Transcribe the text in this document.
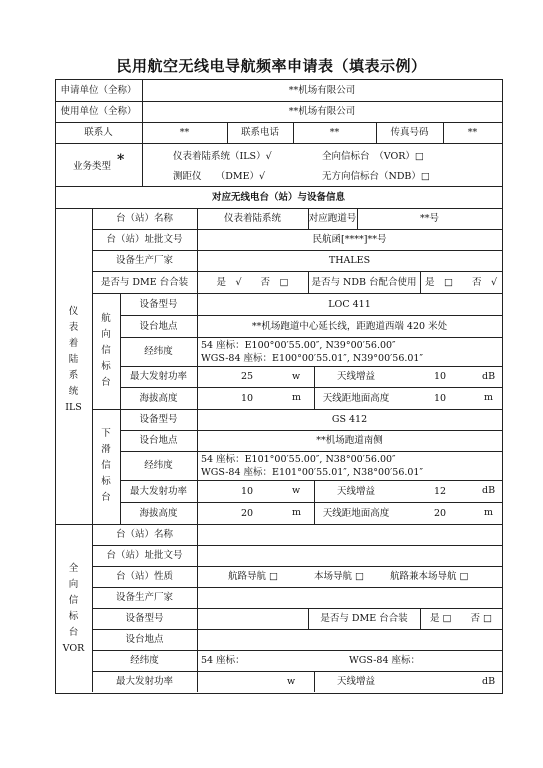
民用航空无线电导航频率申请表（填表示例）
申请单位（全称）	**机场有限公司
使用单位（全称）	**机场有限公司
联系人	**	联系电话	**	传真号码	**
业务类型 *	仪表着陆系统（ILS）√	全向信标台　（VOR）□
测距仪　　（DME）√	无方向信标台（NDB）□
对应无线电台（站）与设备信息
仪
表
着
陆
系
统
ILS
台（站）名称	仪表着陆系统	对应跑道号	**号
台（站）址批文号	民航函[****]**号
设备生产厂家	THALES
是否与 DME 台合装	是　√　　否　□	是否与 NDB 台配合使用 是　□　　否　√
航
向
信
标
台
设备型号	LOC 411
设台地点	**机场跑道中心延长线，距跑道西端 420 米处
经纬度
54 座标：E100°00′55.00″, N39°00′56.00″
WGS-84 座标：E100°00′55.01″, N39°00′56.01″
最大发射功率	25	w	天线增益	10	dB
海拔高度	10	m	天线距地面高度	10	m
下
滑
信
标
台
设备型号	GS 412
设台地点	**机场跑道南侧
经纬度
54 座标：E101°00′55.00″, N38°00′56.00″
WGS-84 座标：E101°00′55.01″, N38°00′56.01″
最大发射功率	10	w	天线增益	12	dB
海拔高度	20	m	天线距地面高度	20	m
全
向
信
标
台
VOR
台（站）名称
台（站）址批文号
台（站）性质	航路导航 □	本场导航 □	航路兼本场导航 □
设备生产厂家
设备型号	是否与 DME 台合装	是 □　　否 □
设台地点
经纬度	54 座标：	WGS-84 座标：
最大发射功率	w	天线增益	dB
